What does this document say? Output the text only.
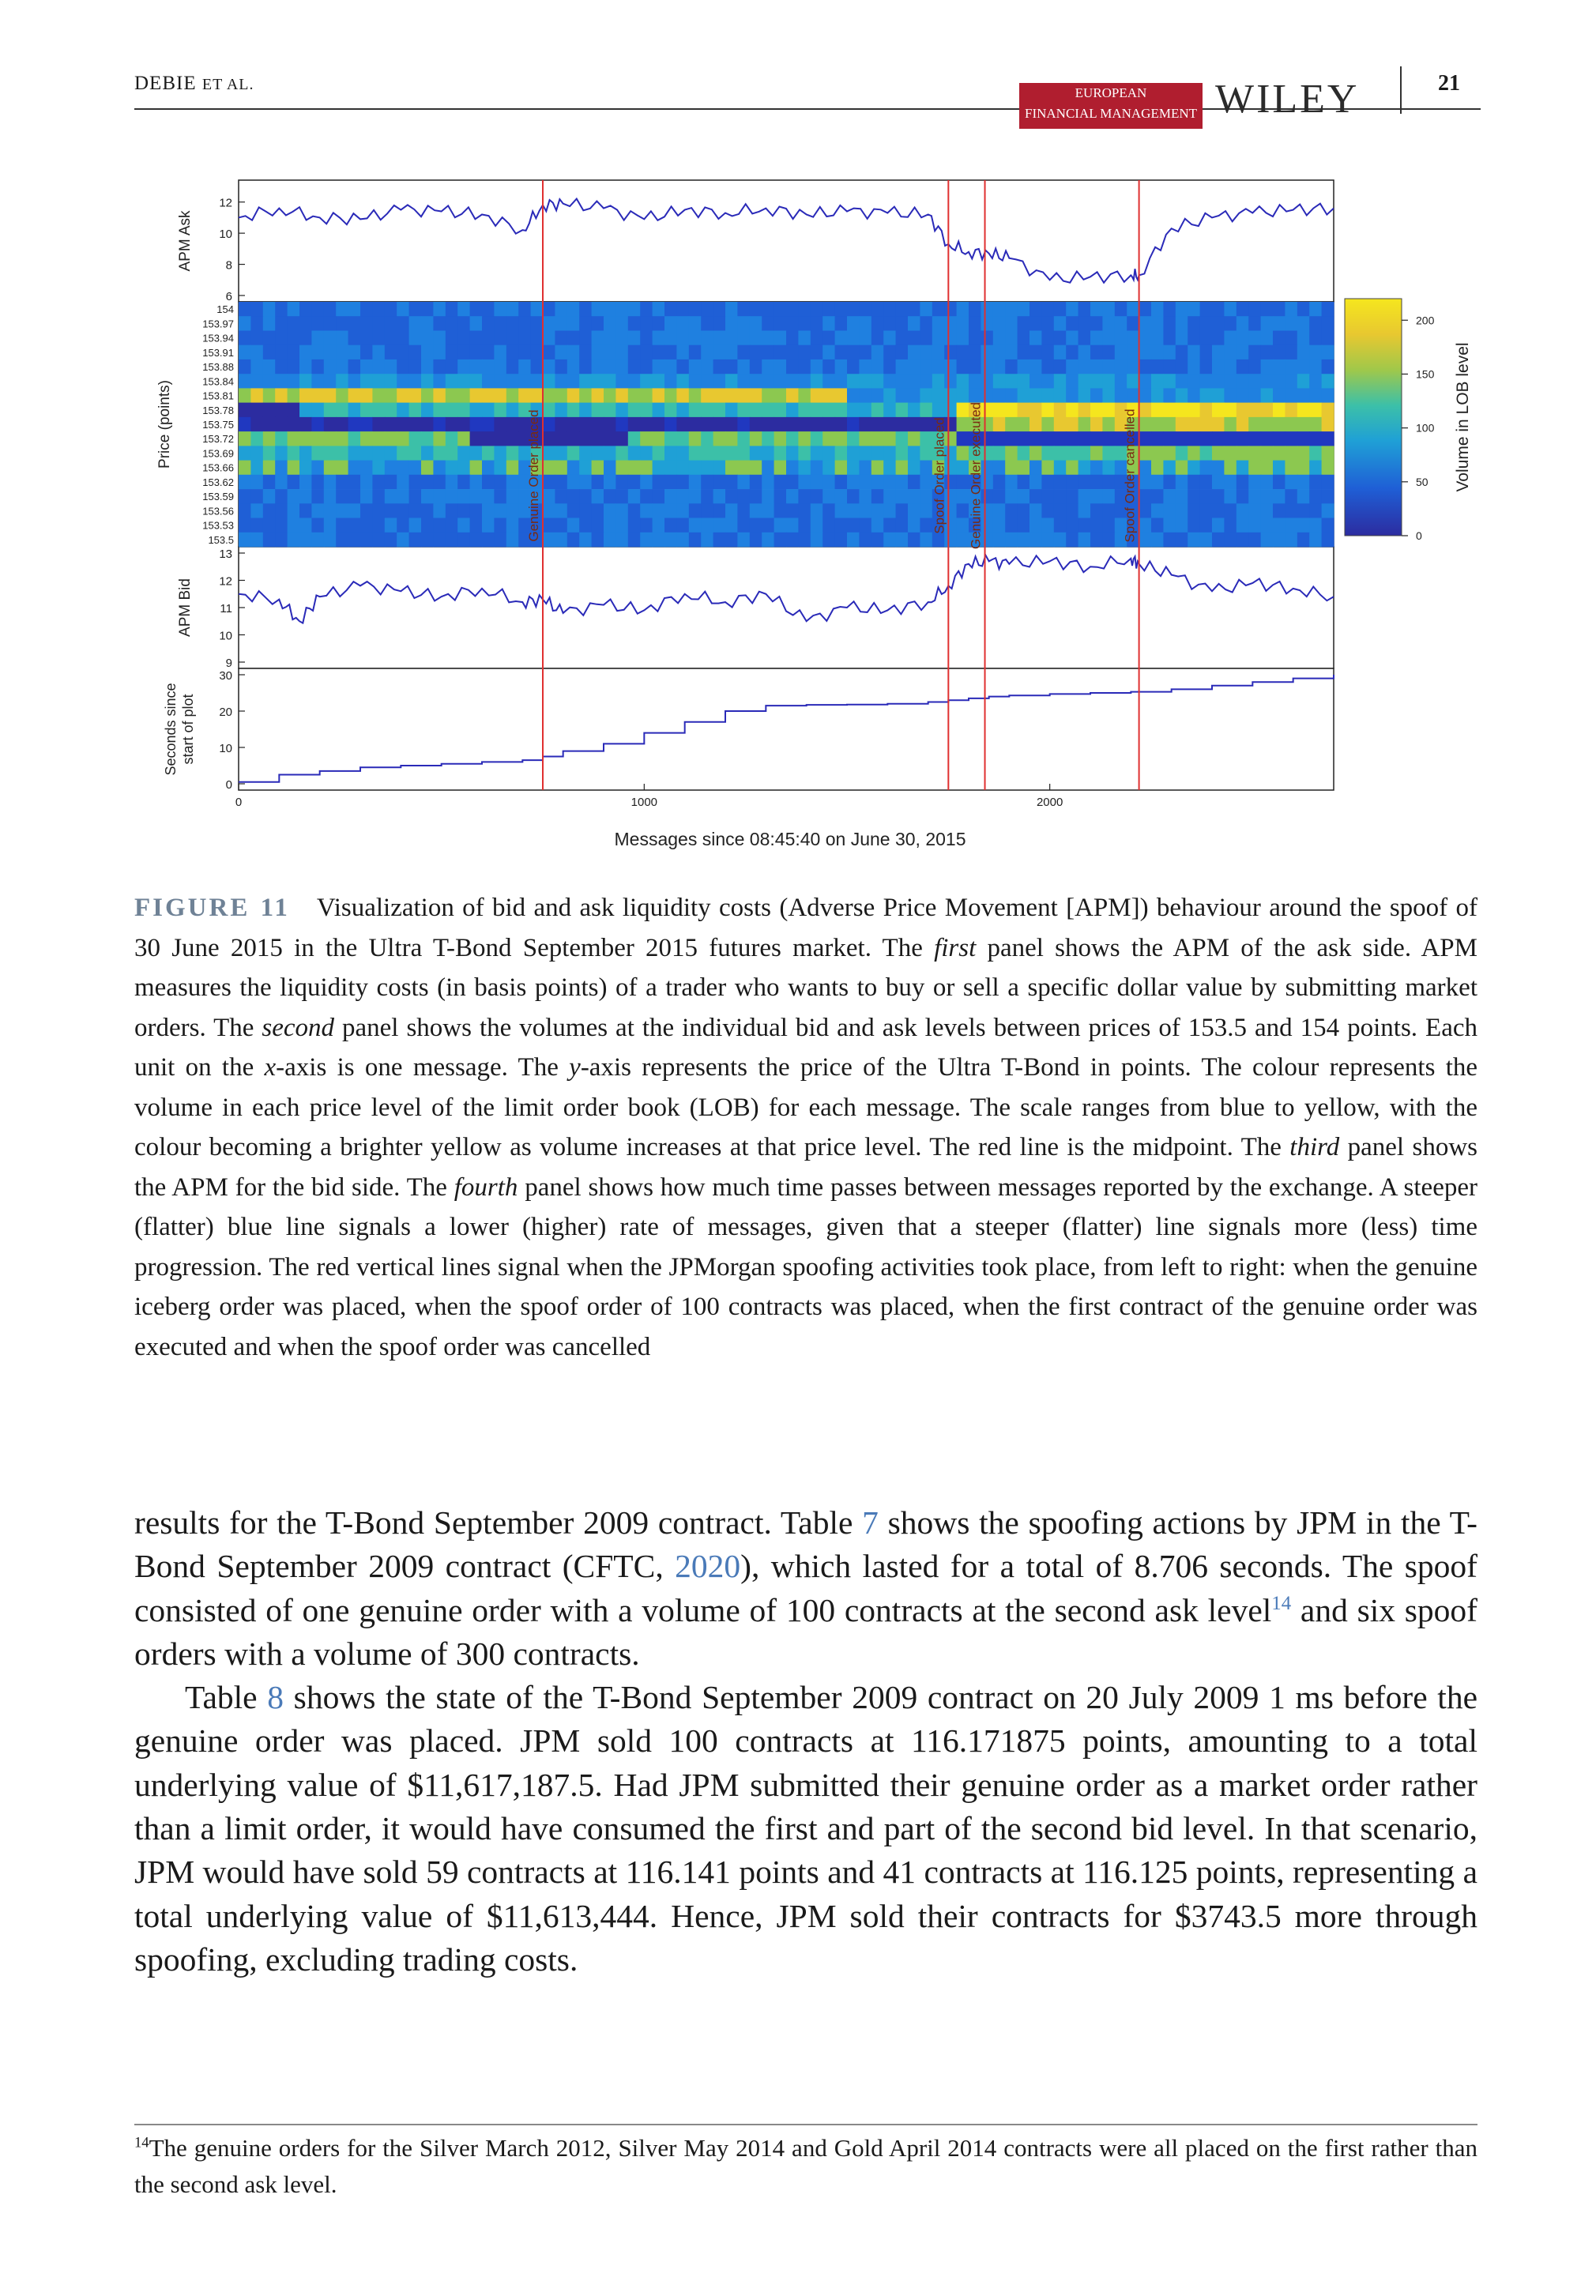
DEBIE ET AL.	EUROPEAN
FINANCIAL MANAGEMENT WILEY	21
Genuine Order placed	Spoof Order placed Genuine Order executed	Spoof Order cancelled
6
8
10
12
APM Ask
154
153.97
153.94
153.91
153.88
153.84
153.81
153.78
153.75
153.72
153.69
153.66
153.62
153.59
153.56
153.53
153.5
Price (points)
9
10
11
12
13
APM Bid
0
10
20
30
Seconds since start of plot
0	1000	2000
0
50
100
150
200
Messages since 08:45:40 on June 30, 2015
Volume in LOB level
FIGURE 11 Visualization of bid and ask liquidity costs (Adverse Price Movement [APM]) behaviour around the spoof of 30 June 2015 in the Ultra T-Bond September 2015 futures market. The first panel shows the APM of the ask side. APM measures the liquidity costs (in basis points) of a trader who wants to buy or sell a specific dollar value by submitting market orders. The second panel shows the volumes at the individual bid and ask levels between prices of 153.5 and 154 points. Each unit on the x-axis is one message. The y-axis represents the price of the Ultra T-Bond in points. The colour represents the volume in each price level of the limit order book (LOB) for each message. The scale ranges from blue to yellow, with the colour becoming a brighter yellow as volume increases at that price level. The red line is the midpoint. The third panel shows the APM for the bid side. The fourth panel shows how much time passes between messages reported by the exchange. A steeper (flatter) blue line signals a lower (higher) rate of messages, given that a steeper (flatter) line signals more (less) time progression. The red vertical lines signal when the JPMorgan spoofing activities took place, from left to right: when the genuine iceberg order was placed, when the spoof order of 100 contracts was placed, when the first contract of the genuine order was executed and when the spoof order was cancelled

results for the T-Bond September 2009 contract. Table 7 shows the spoofing actions by JPM in the T-Bond September 2009 contract (CFTC, 2020), which lasted for a total of 8.706 seconds. The spoof consisted of one genuine order with a volume of 100 contracts at the second ask level$^{14}$ and six spoof orders with a volume of 300 contracts.

Table 8 shows the state of the T-Bond September 2009 contract on 20 July 2009 1 ms before the genuine order was placed. JPM sold 100 contracts at 116.171875 points, amounting to a total underlying value of $11,617,187.5. Had JPM submitted their genuine order as a market order rather than a limit order, it would have consumed the first and part of the second bid level. In that scenario, JPM would have sold 59 contracts at 116.141 points and 41 contracts at 116.125 points, representing a total underlying value of $11,613,444. Hence, JPM sold their contracts for $3743.5 more through spoofing, excluding trading costs.

$^{14}$The genuine orders for the Silver March 2012, Silver May 2014 and Gold April 2014 contracts were all placed on the first rather than the second ask level.
